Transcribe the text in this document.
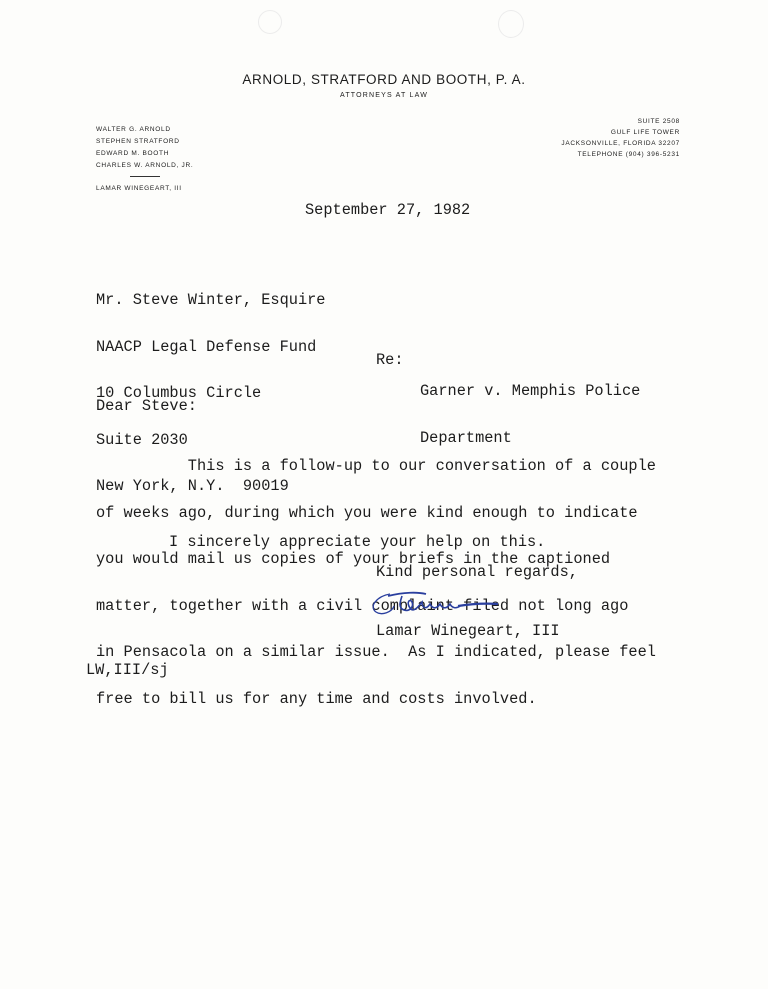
ARNOLD, STRATFORD AND BOOTH, P. A.
ATTORNEYS AT LAW
WALTER G. ARNOLD
STEPHEN STRATFORD
EDWARD M. BOOTH
CHARLES W. ARNOLD, JR.
LAMAR WINEGEART, III
SUITE 2508
GULF LIFE TOWER
JACKSONVILLE, FLORIDA 32207
TELEPHONE (904) 396-5231
September 27, 1982

Mr. Steve Winter, Esquire

NAACP Legal Defense Fund

10 Columbus Circle

Suite 2030

New York, N.Y.  90019

Re:

Garner v. Memphis Police

Department

Dear Steve:

This is a follow-up to our conversation of a couple

of weeks ago, during which you were kind enough to indicate

you would mail us copies of your briefs in the captioned

matter, together with a civil complaint filed not long ago

in Pensacola on a similar issue.  As I indicated, please feel

free to bill us for any time and costs involved.

I sincerely appreciate your help on this.
Kind personal regards,
Lamar Winegeart, III
LW,III/sj
